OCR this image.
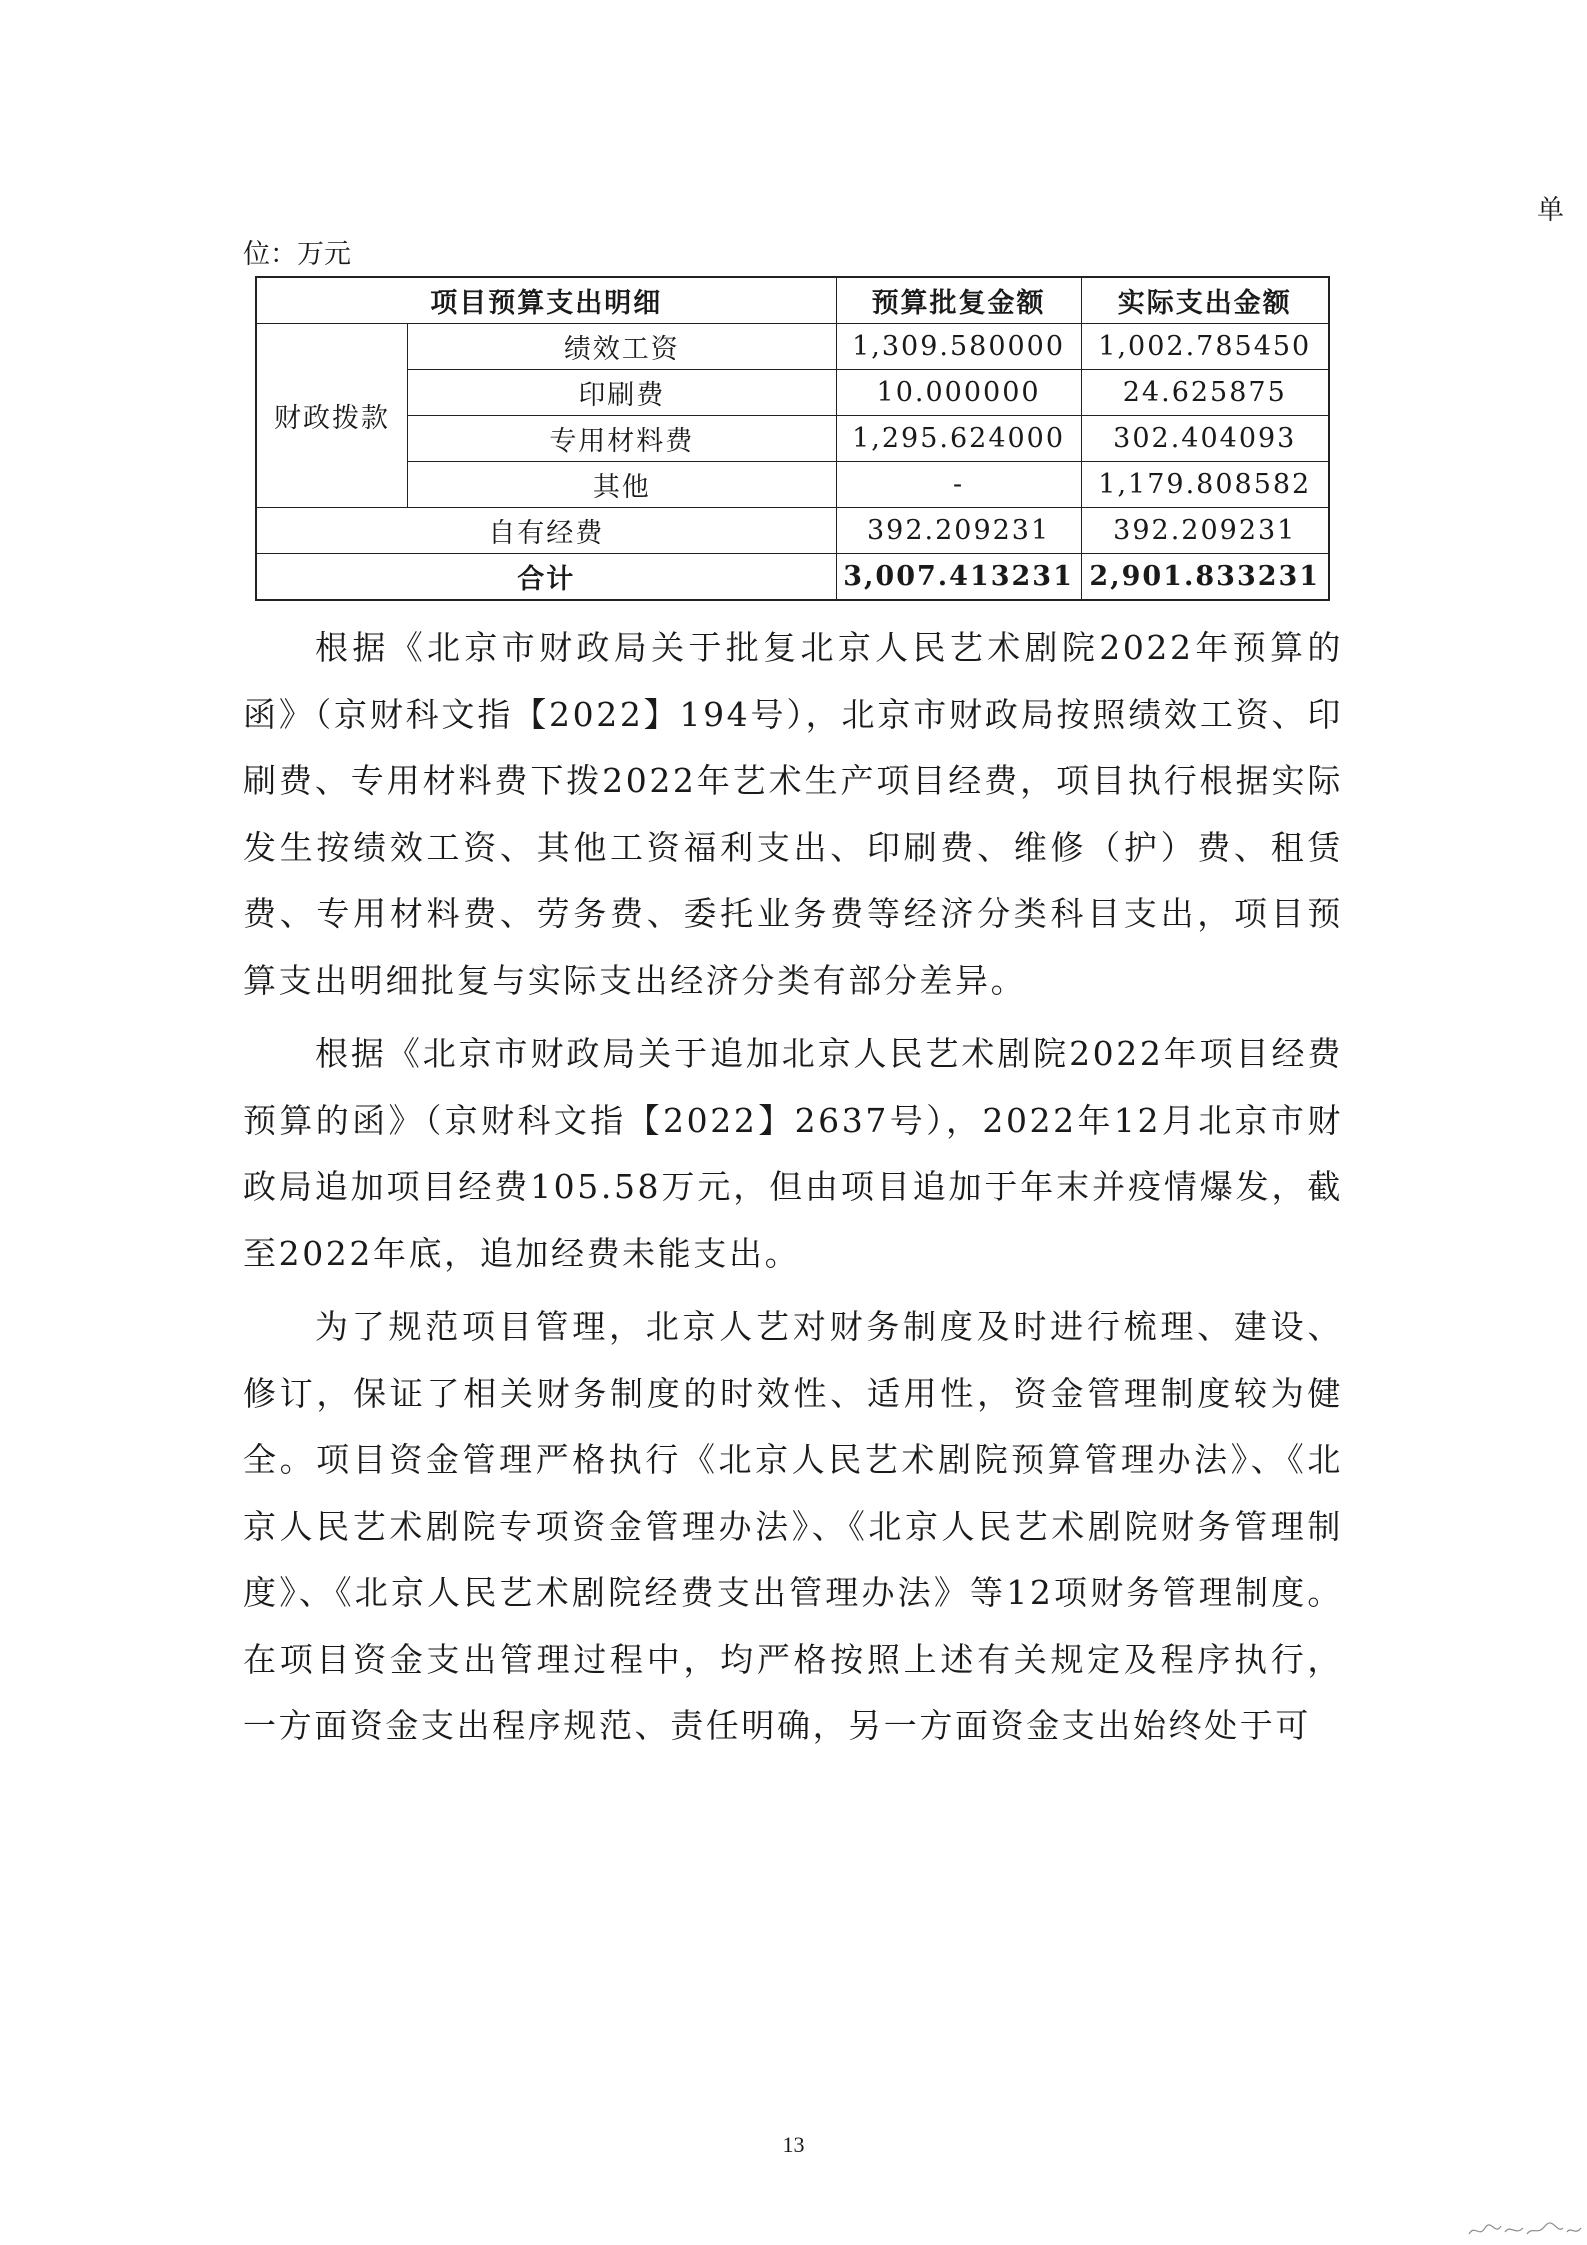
单
位：万元
项目预算支出明细		预算批复金额	实际支出金额
财政拨款	绩效工资	1,309.580000	1,002.785450
	印刷费	10.000000	24.625875
	专用材料费	1,295.624000	302.404093
	其他	-	1,179.808582
自有经费		392.209231	392.209231
合计		3,007.413231	2,901.833231

根据《北京市财政局关于批复北京人民艺术剧院2022年预算的函》（京财科文指【2022】194号），北京市财政局按照绩效工资、印刷费、专用材料费下拨2022年艺术生产项目经费，项目执行根据实际发生按绩效工资、其他工资福利支出、印刷费、维修（护）费、租赁费、专用材料费、劳务费、委托业务费等经济分类科目支出，项目预算支出明细批复与实际支出经济分类有部分差异。

根据《北京市财政局关于追加北京人民艺术剧院2022年项目经费预算的函》（京财科文指【2022】2637号），2022年12月北京市财政局追加项目经费105.58万元，但由项目追加于年末并疫情爆发，截至2022年底，追加经费未能支出。

为了规范项目管理，北京人艺对财务制度及时进行梳理、建设、修订，保证了相关财务制度的时效性、适用性，资金管理制度较为健全。项目资金管理严格执行《北京人民艺术剧院预算管理办法》、《北京人民艺术剧院专项资金管理办法》、《北京人民艺术剧院财务管理制度》、《北京人民艺术剧院经费支出管理办法》等12项财务管理制度。在项目资金支出管理过程中，均严格按照上述有关规定及程序执行，一方面资金支出程序规范、责任明确，另一方面资金支出始终处于可

13
